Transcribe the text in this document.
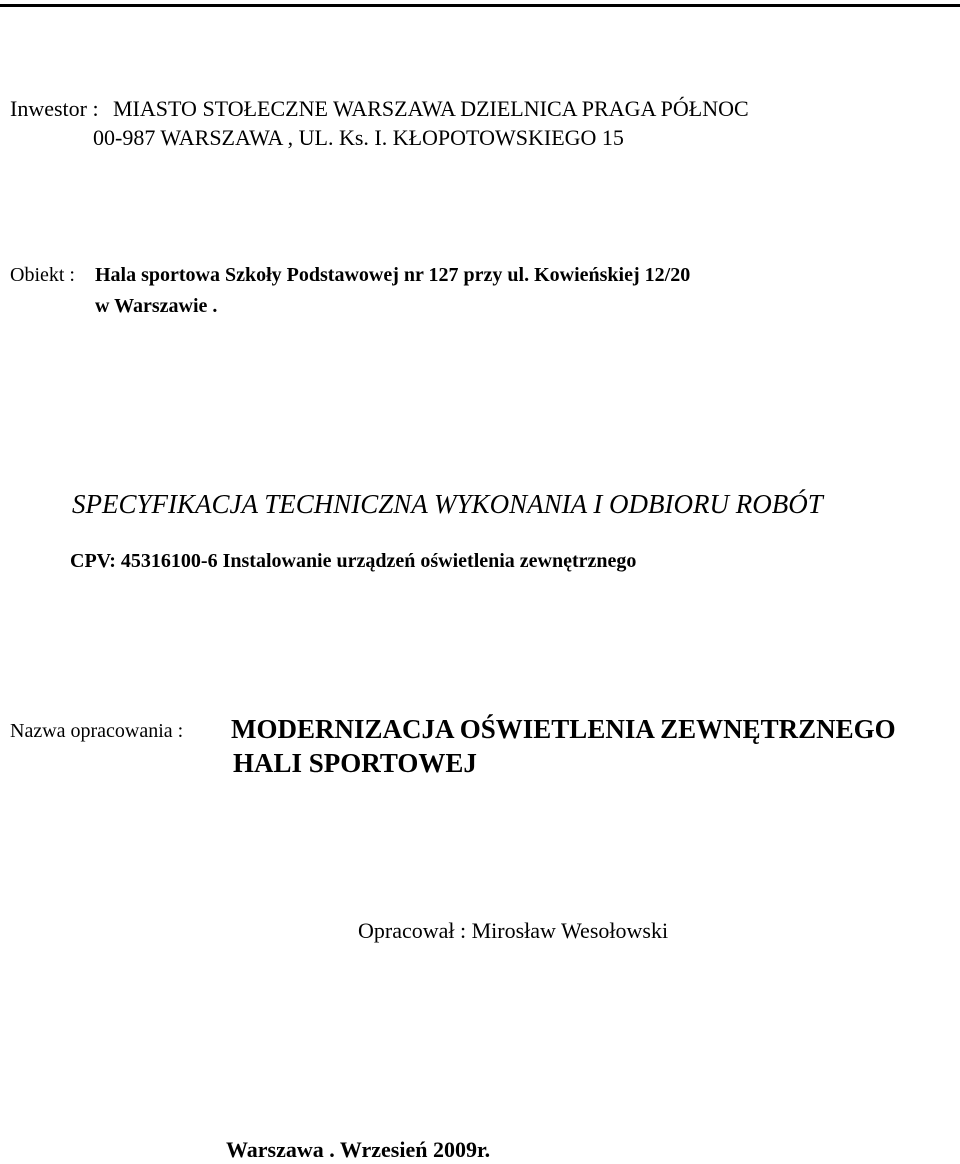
Inwestor : MIASTO STOŁECZNE WARSZAWA DZIELNICA PRAGA PÓŁNOC
00-987 WARSZAWA , UL. Ks. I. KŁOPOTOWSKIEGO 15
Obiekt : Hala sportowa Szkoły Podstawowej nr 127 przy ul. Kowieńskiej 12/20
w Warszawie .
SPECYFIKACJA TECHNICZNA WYKONANIA I ODBIORU ROBÓT
CPV: 45316100-6 Instalowanie urządzeń oświetlenia zewnętrznego
Nazwa opracowania : MODERNIZACJA OŚWIETLENIA ZEWNĘTRZNEGO
HALI SPORTOWEJ
Opracował : Mirosław Wesołowski
Warszawa . Wrzesień 2009r.
